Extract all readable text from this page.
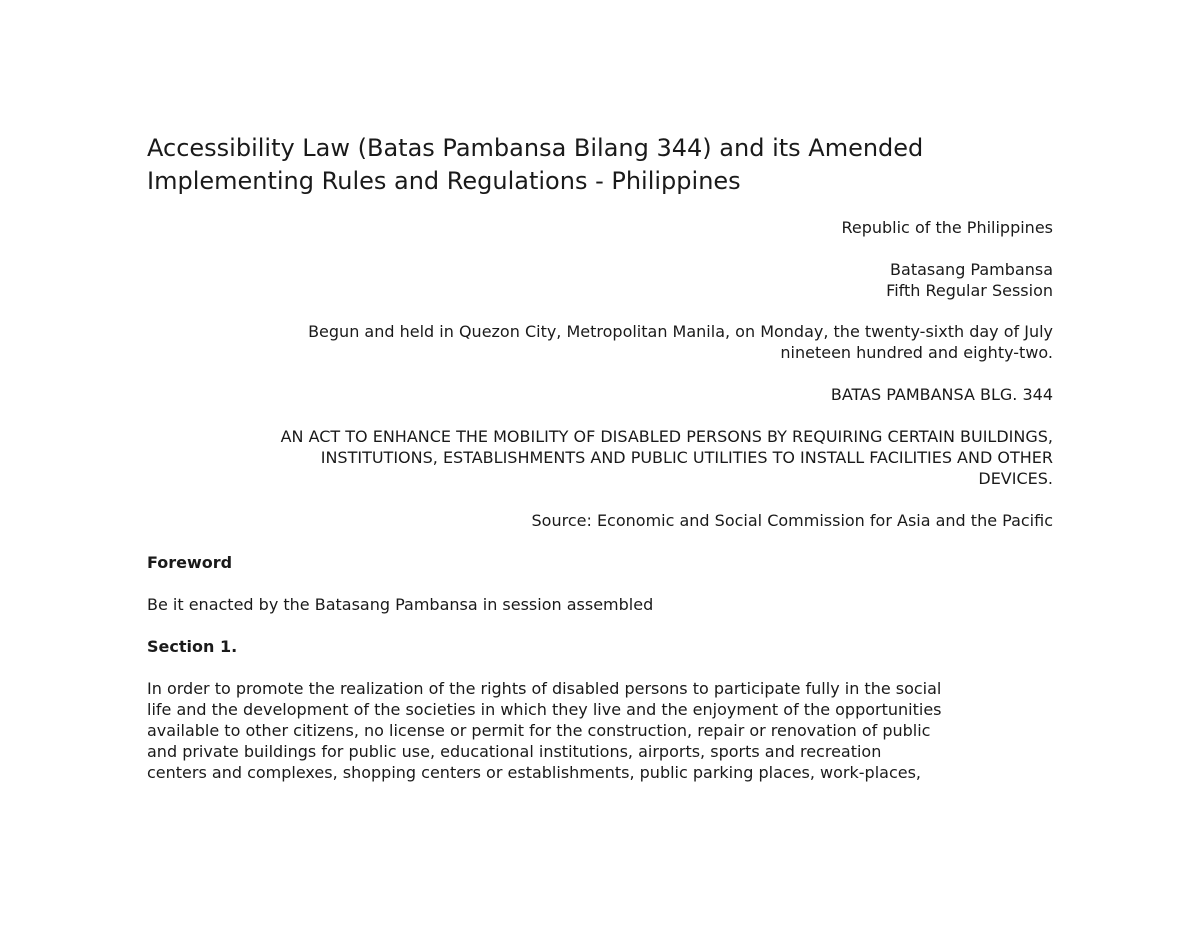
Accessibility Law (Batas Pambansa Bilang 344) and its Amended
Implementing Rules and Regulations - Philippines

Republic of the Philippines

Batasang Pambansa
Fifth Regular Session

Begun and held in Quezon City, Metropolitan Manila, on Monday, the twenty-sixth day of July
nineteen hundred and eighty-two.

BATAS PAMBANSA BLG. 344

AN ACT TO ENHANCE THE MOBILITY OF DISABLED PERSONS BY REQUIRING CERTAIN BUILDINGS,
INSTITUTIONS, ESTABLISHMENTS AND PUBLIC UTILITIES TO INSTALL FACILITIES AND OTHER
DEVICES.

Source: Economic and Social Commission for Asia and the Pacific

Foreword

Be it enacted by the Batasang Pambansa in session assembled

Section 1.

In order to promote the realization of the rights of disabled persons to participate fully in the social
life and the development of the societies in which they live and the enjoyment of the opportunities
available to other citizens, no license or permit for the construction, repair or renovation of public
and private buildings for public use, educational institutions, airports, sports and recreation
centers and complexes, shopping centers or establishments, public parking places, work-places,
